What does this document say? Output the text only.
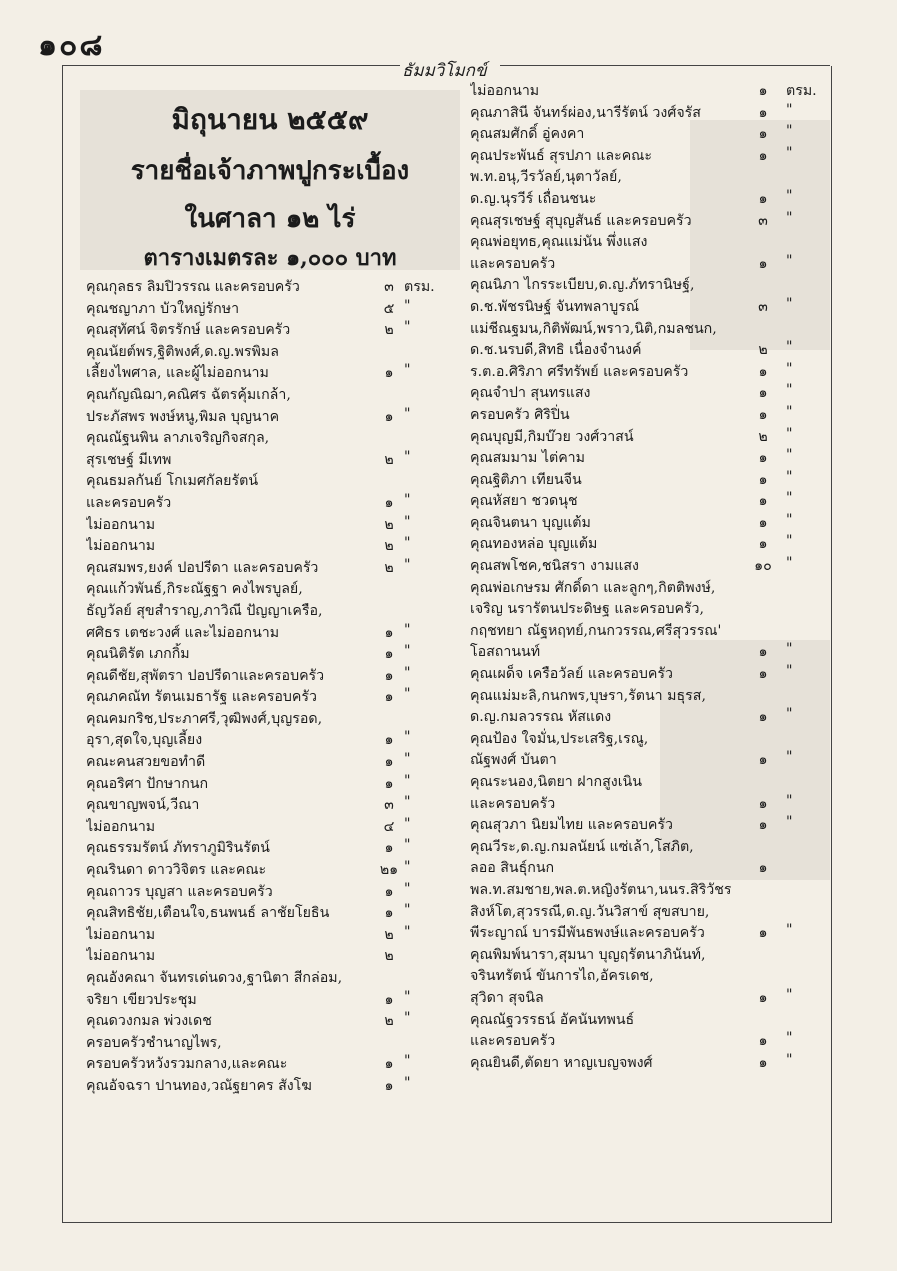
๑๐๘
ธัมมวิโมกข์
มิถุนายน ๒๕๕๙
รายชื่อเจ้าภาพปูกระเบื้อง
ในศาลา ๑๒ ไร่
ตารางเมตรละ ๑,๐๐๐ บาท
คุณกุลธร ลิมปิวรรณ และครอบครัว	๓ ตรม.
คุณชญาภา บัวใหญ่รักษา	๕ "
คุณสุทัศน์ จิตรรักษ์ และครอบครัว	๒ "
คุณนัยต์พร,ฐิติพงศ์,ด.ญ.พรพิมล
เลี้ยงไพศาล, และผู้ไม่ออกนาม	๑ "
คุณกัญณิฌา,คณิศร ฉัตรคุ้มเกล้า,
ประภัสพร พงษ์หนู,พิมล บุญนาค	๑ "
คุณณัฐนพิน ลาภเจริญกิจสกุล,
สุรเชษฐ์ มีเทพ	๒ "
คุณธมลกันย์ โกเมศกัลยรัตน์
และครอบครัว	๑ "
ไม่ออกนาม	๒ "
ไม่ออกนาม	๒ "
คุณสมพร,ยงค์ ปอปรีดา และครอบครัว	๒ "
คุณแก้วพันธ์,กิระณัฐฐา คงไพรบูลย์,
ธัญวัลย์ สุขสำราญ,ภาวิณี ปัญญาเครือ,
ศศิธร เตชะวงศ์ และไม่ออกนาม	๑ "
คุณนิติรัต เภกกิ้ม	๑ "
คุณดีชัย,สุพัตรา ปอปรีดาและครอบครัว	๑ "
คุณภคณัท รัตนเมธารัฐ และครอบครัว	๑ "
คุณคมกริช,ประภาศรี,วุฒิพงศ์,บุญรอด,
อุรา,สุดใจ,บุญเลี้ยง	๑ "
คณะคนสวยขอทำดี	๑ "
คุณอริศา ปักษากนก	๑ "
คุณขาญพจน์,วีณา	๓ "
ไม่ออกนาม	๔ "
คุณธรรมรัตน์ ภัทราภูมิรินรัตน์	๑ "
คุณรินดา ดาววิจิตร และคณะ	๒๑ "
คุณถาวร บุญสา และครอบครัว	๑ "
คุณสิทธิชัย,เตือนใจ,ธนพนธ์ ลาชัยโยธิน	๑ "
ไม่ออกนาม	๒ "
ไม่ออกนาม	๒
คุณอังคณา จันทรเด่นดวง,ฐานิตา สีกล่อม,
จริยา เขียวประชุม	๑ "
คุณดวงกมล พ่วงเดช	๒ "
ครอบครัวชำนาญไพร,
ครอบครัวหวังรวมกลาง,และคณะ	๑ "
คุณอัจฉรา ปานทอง,วณัฐยาคร สังโฆ	๑ "
ไม่ออกนาม	๑	ตรม.
คุณภาสินี จันทร์ผ่อง,นารีรัตน์ วงศ์จรัส	๑	"
คุณสมศักดิ์ อู่คงคา	๑	"
คุณประพันธ์ สุรปภา และคณะ	๑	"
พ.ท.อนุ,วีรวัลย์,นุตาวัลย์,
ด.ญ.นุรวีร์ เถื่อนชนะ	๑	"
คุณสุรเชษฐ์ สุบุญสันธ์ และครอบครัว	๓	"
คุณพ่อยุทธ,คุณแม่นัน พึ่งแสง
และครอบครัว	๑	"
คุณนิภา ไกรระเบียบ,ด.ญ.ภัทรานิษฐ์,
ด.ช.พัชรนิษฐ์ จันทพลาบูรณ์	๓	"
แม่ชีณฐมน,กิติพัฒน์,พราว,นิติ,กมลชนก,
ด.ช.นรบดี,สิทธิ เนื่องจำนงค์	๒	"
ร.ต.อ.ศิริภา ศรีทรัพย์ และครอบครัว	๑	"
คุณจำปา สุนทรแสง	๑	"
ครอบครัว ศิริปิ่น	๑	"
คุณบุญมี,กิมบ๊วย วงศ์วาสน์	๒	"
คุณสมมาม ไต่คาม	๑	"
คุณฐิติภา เทียนจีน	๑	"
คุณหัสยา ชวดนุช	๑	"
คุณจินตนา บุญแต้ม	๑	"
คุณทองหล่อ บุญแต้ม	๑	"
คุณสพโชค,ชนิสรา งามแสง	๑๐ "
คุณพ่อเกษรม ศักดิ์ดา และลูกๆ,กิตติพงษ์,
เจริญ นรารัตนประดิษฐ และครอบครัว,
กฤชทยา ณัฐหฤทย์,กนกวรรณ,ศรีสุวรรณ'
โอสถานนท์	๑	"
คุณเผด็จ เครือวัลย์ และครอบครัว	๑	"
คุณแม่มะลิ,กนกพร,บุษรา,รัตนา มธุรส,
ด.ญ.กมลวรรณ หัสแดง	๑	"
คุณป้อง ใจมั่น,ประเสริฐ,เรณู,
ณัฐพงศ์ บันตา	๑	"
คุณระนอง,นิตยา ฝากสูงเนิน
และครอบครัว	๑	"
คุณสุวภา นิยมไทย และครอบครัว	๑	"
คุณวีระ,ด.ญ.กมลนัยน์ แซ่เล้า,โสภิต,
ลออ สินธุ์กนก	๑
พล.ท.สมชาย,พล.ต.หญิงรัตนา,นนร.สิริวัชร
สิงห์โต,สุวรรณี,ด.ญ.วันวิสาข์ สุขสบาย,
พีระญาณ์ บารมีพันธพงษ์และครอบครัว	๑	"
คุณพิมพ์นารา,สุมนา บุญฤรัตนาภินันท์,
จรินทรัตน์ ขันการไถ,อัครเดช,
สุวิดา สุจนิล	๑	"
คุณณัฐวรรธน์ อัคนันทพนธ์
และครอบครัว	๑	"
คุณยินดี,ตัดยา หาญเบญจพงศ์	๑	"
